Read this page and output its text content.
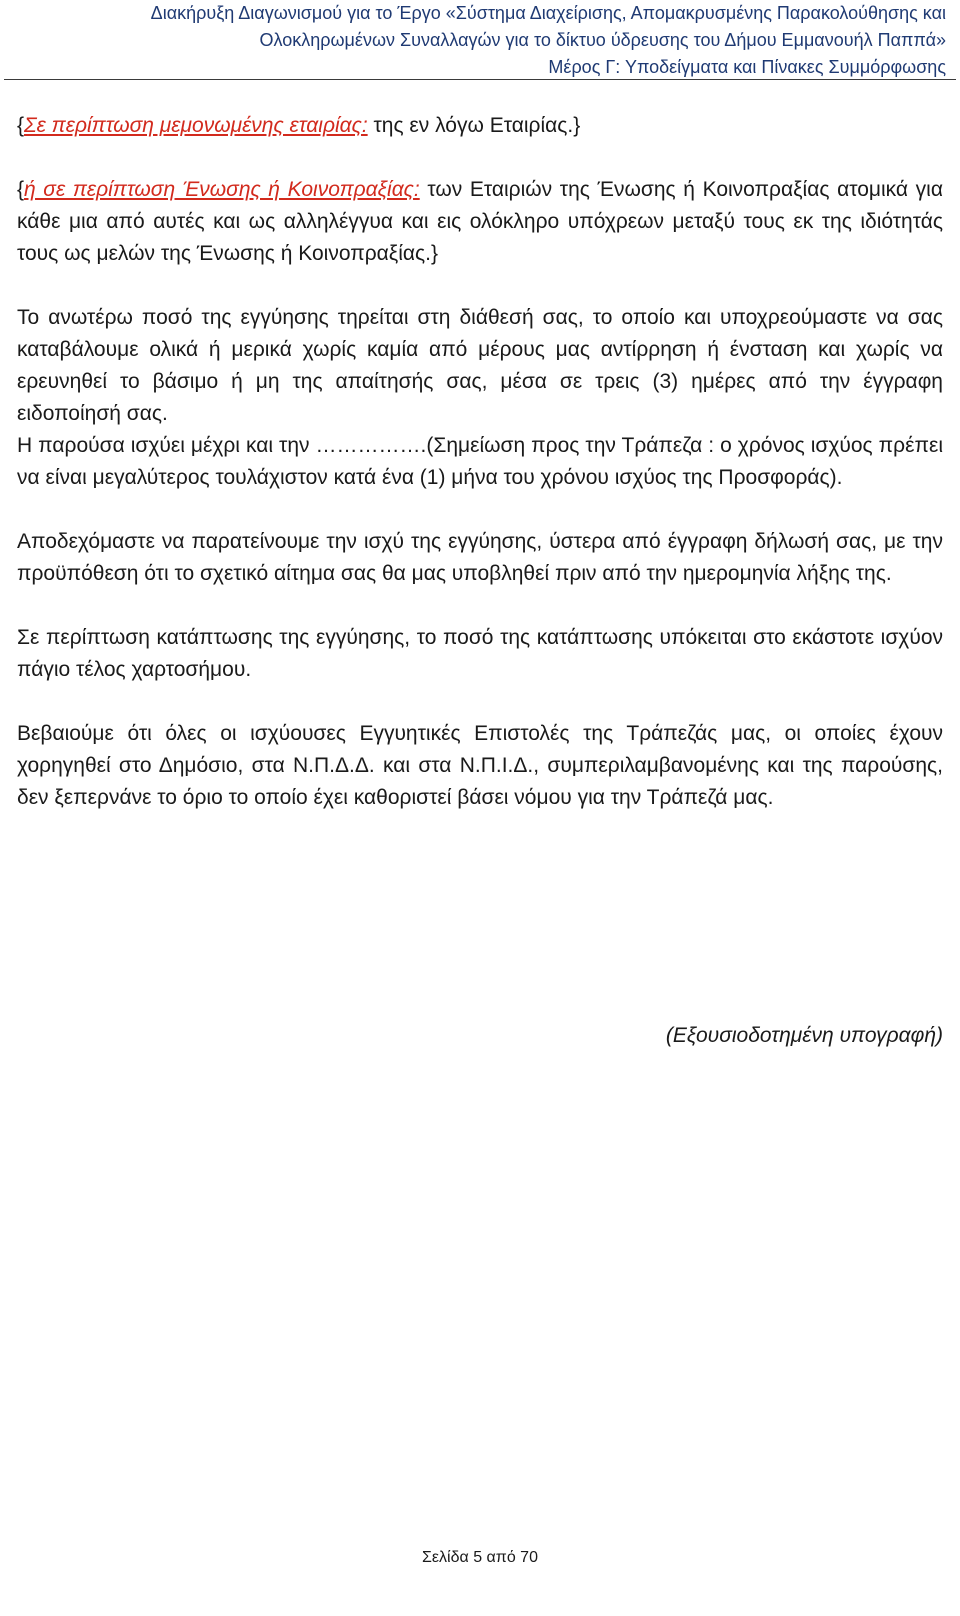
Διακήρυξη Διαγωνισμού για το Έργο «Σύστημα Διαχείρισης, Απομακρυσμένης Παρακολούθησης και
Ολοκληρωμένων Συναλλαγών για το δίκτυο ύδρευσης του Δήμου Εμμανουήλ Παππά»
Μέρος Γ: Υποδείγματα και Πίνακες Συμμόρφωσης

{Σε περίπτωση μεμονωμένης εταιρίας: της εν λόγω Εταιρίας.}

{ή σε περίπτωση Ένωσης ή Κοινοπραξίας: των Εταιριών της Ένωσης ή Κοινοπραξίας ατομικά για κάθε μια από αυτές και ως αλληλέγγυα και εις ολόκληρο υπόχρεων μεταξύ τους εκ της ιδιότητάς τους ως μελών της Ένωσης ή Κοινοπραξίας.}

Το ανωτέρω ποσό της εγγύησης τηρείται στη διάθεσή σας, το οποίο και υποχρεούμαστε να σας καταβάλουμε ολικά ή μερικά χωρίς καμία από μέρους μας αντίρρηση ή ένσταση και χωρίς να ερευνηθεί το βάσιμο ή μη της απαίτησής σας, μέσα σε τρεις (3) ημέρες από την έγγραφη ειδοποίησή σας.

Η παρούσα ισχύει μέχρι και την …………….(Σημείωση προς την Τράπεζα : ο χρόνος ισχύος πρέπει να είναι μεγαλύτερος τουλάχιστον κατά ένα (1) μήνα του χρόνου ισχύος της Προσφοράς).

Αποδεχόμαστε να παρατείνουμε την ισχύ της εγγύησης, ύστερα από έγγραφη δήλωσή σας, με την προϋπόθεση ότι το σχετικό αίτημα σας θα μας υποβληθεί πριν από την ημερομηνία λήξης της.

Σε περίπτωση κατάπτωσης της εγγύησης, το ποσό της κατάπτωσης υπόκειται στο εκάστοτε ισχύον πάγιο τέλος χαρτοσήμου.

Βεβαιούμε ότι όλες οι ισχύουσες Εγγυητικές Επιστολές της Τράπεζάς μας, οι οποίες έχουν χορηγηθεί στο Δημόσιο, στα Ν.Π.Δ.Δ. και στα Ν.Π.Ι.Δ., συμπεριλαμβανομένης και της παρούσης, δεν ξεπερνάνε το όριο το οποίο έχει καθοριστεί βάσει νόμου για την Τράπεζά μας.

(Εξουσιοδοτημένη υπογραφή)
Σελίδα 5 από 70
